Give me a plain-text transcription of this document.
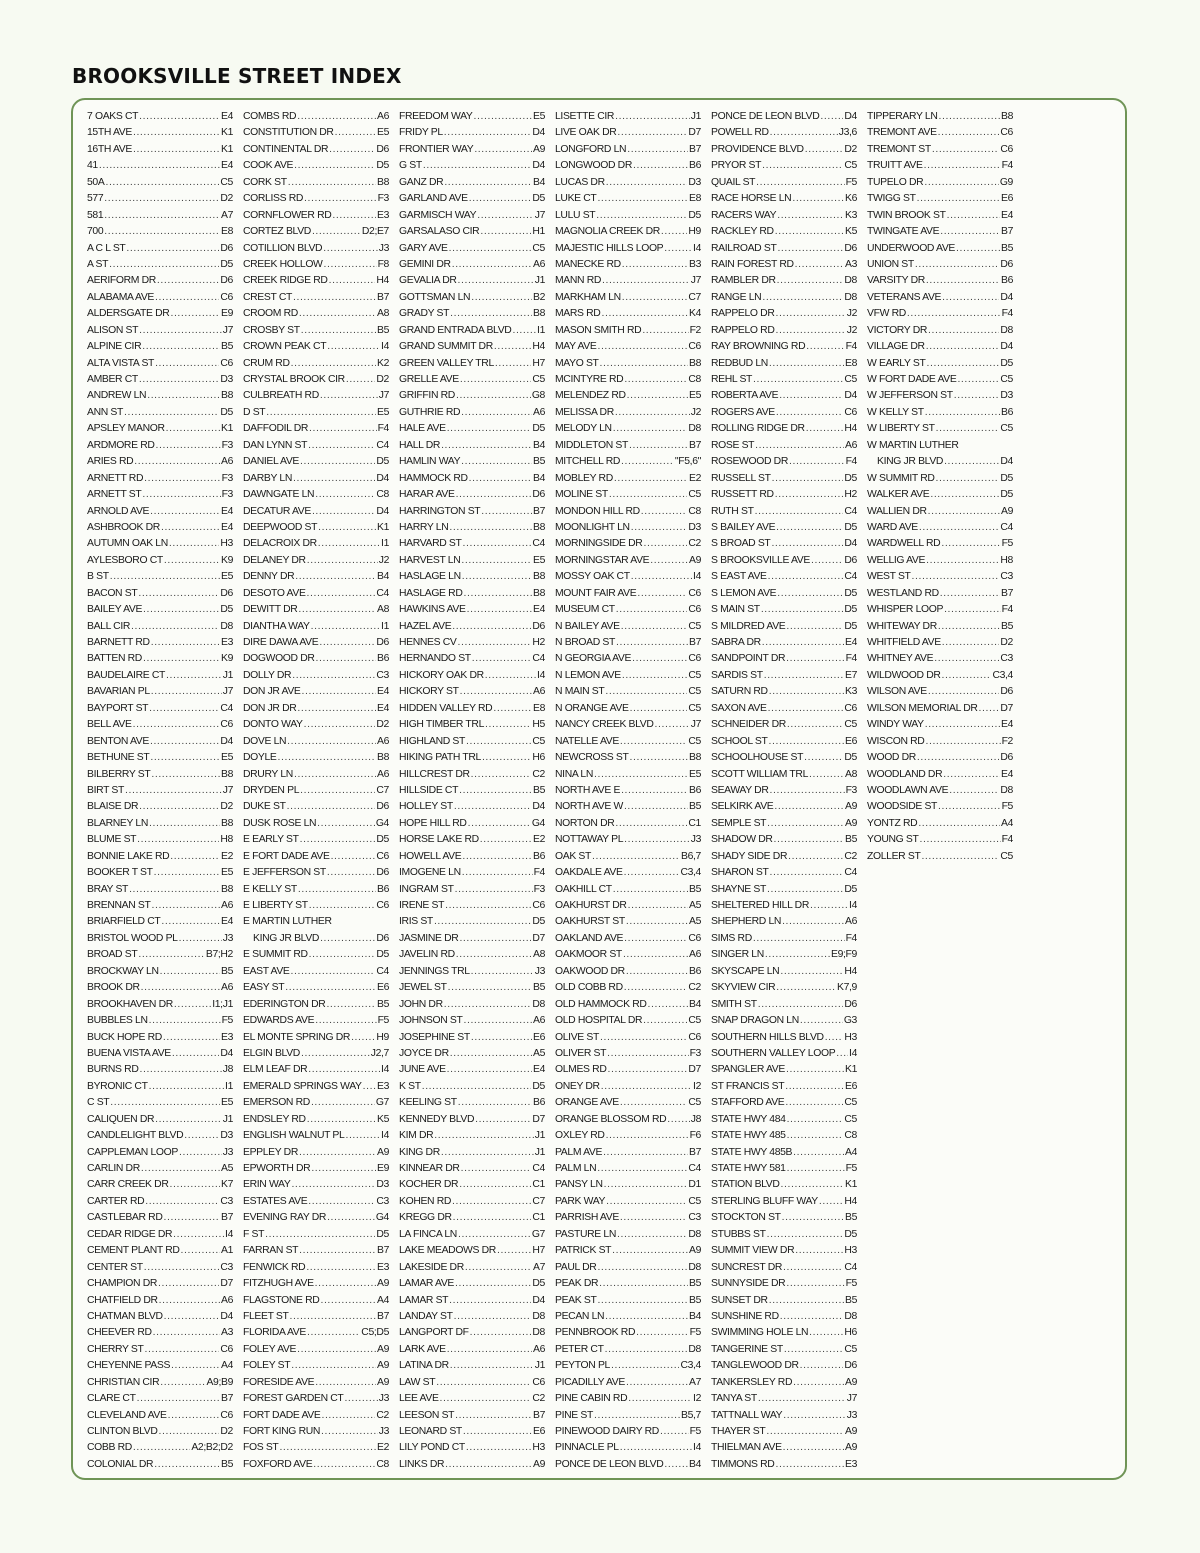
BROOKSVILLE STREET INDEX
7 OAKS CT .....	E4
15TH AVE .....	K1
16TH AVE .....	K1
41 .....	E4
50A .....	C5
577 .....	D2
581 .....	A7
700 .....	E8
A C L ST .....	D6
A ST .....	D5
AERIFORM DR .....	D6
ALABAMA AVE .....	C6
ALDERSGATE DR .....	E9
ALISON ST .....	J7
ALPINE CIR .....	B5
ALTA VISTA ST .....	C6
AMBER CT .....	D3
ANDREW LN .....	B8
ANN ST .....	D5
APSLEY MANOR .....	K1
ARDMORE RD .....	F3
ARIES RD .....	A6
ARNETT RD .....	F3
ARNETT ST .....	F3
ARNOLD AVE .....	E4
ASHBROOK DR .....	E4
AUTUMN OAK LN .....	H3
AYLESBORO CT .....	K9
B ST .....	E5
BACON ST .....	D6
BAILEY AVE .....	D5
BALL CIR .....	D8
BARNETT RD .....	E3
BATTEN RD .....	K9
BAUDELAIRE CT .....	J1
BAVARIAN PL .....	J7
BAYPORT ST .....	C4
BELL AVE .....	C6
BENTON AVE .....	D4
BETHUNE ST .....	E5
BILBERRY ST .....	B8
BIRT ST .....	J7
BLAISE DR .....	D2
BLARNEY LN .....	B8
BLUME ST .....	H8
BONNIE LAKE RD .....	E2
BOOKER T ST .....	E5
BRAY ST .....	B8
BRENNAN ST .....	A6
BRIARFIELD CT .....	E4
BRISTOL WOOD PL .....	J3
BROAD ST .....	B7;H2
BROCKWAY LN .....	B5
BROOK DR .....	A6
BROOKHAVEN DR .....	I1;J1
BUBBLES LN .....	F5
BUCK HOPE RD .....	E3
BUENA VISTA AVE .....	D4
BURNS RD .....	J8
BYRONIC CT .....	I1
C ST .....	E5
CALIQUEN DR .....	J1
CANDLELIGHT BLVD .....	D3
CAPPLEMAN LOOP .....	J3
CARLIN DR .....	A5
CARR CREEK DR .....	K7
CARTER RD .....	C3
CASTLEBAR RD .....	B7
CEDAR RIDGE DR .....	I4
CEMENT PLANT RD .....	A1
CENTER ST .....	C3
CHAMPION DR .....	D7
CHATFIELD DR .....	A6
CHATMAN BLVD .....	D4
CHEEVER RD .....	A3
CHERRY ST .....	C6
CHEYENNE PASS .....	A4
CHRISTIAN CIR .....	A9;B9
CLARE CT .....	B7
CLEVELAND AVE .....	C6
CLINTON BLVD .....	D2
COBB RD .....	A2;B2;D2
COLONIAL DR .....	B5
COMBS RD .....	A6
CONSTITUTION DR .....	E5
CONTINENTAL DR .....	D6
COOK AVE .....	D5
CORK ST .....	B8
CORLISS RD .....	F3
CORNFLOWER RD .....	E3
CORTEZ BLVD .....	D2;E7
COTILLION BLVD .....	J3
CREEK HOLLOW .....	F8
CREEK RIDGE RD .....	H4
CREST CT .....	B7
CROOM RD .....	A8
CROSBY ST .....	B5
CROWN PEAK CT .....	I4
CRUM RD .....	K2
CRYSTAL BROOK CIR .....	D2
CULBREATH RD .....	J7
D ST .....	E5
DAFFODIL DR .....	F4
DAN LYNN ST .....	C4
DANIEL AVE .....	D5
DARBY LN .....	D4
DAWNGATE LN .....	C8
DECATUR AVE .....	D4
DEEPWOOD ST .....	K1
DELACROIX DR .....	I1
DELANEY DR .....	J2
DENNY DR .....	B4
DESOTO AVE .....	C4
DEWITT DR .....	A8
DIANTHA WAY .....	I1
DIRE DAWA AVE .....	D6
DOGWOOD DR .....	B6
DOLLY DR .....	C3
DON JR AVE .....	E4
DON JR DR .....	E4
DONTO WAY .....	D2
DOVE LN .....	A6
DOYLE .....	B8
DRURY LN .....	A6
DRYDEN PL .....	C7
DUKE ST .....	D6
DUSK ROSE LN .....	G4
E EARLY ST .....	D5
E FORT DADE AVE .....	C6
E JEFFERSON ST .....	D6
E KELLY ST .....	B6
E LIBERTY ST .....	C6
E MARTIN LUTHER
KING JR BLVD .....	D6
E SUMMIT RD .....	D5
EAST AVE .....	C4
EASY ST .....	E6
EDERINGTON DR .....	B5
EDWARDS AVE .....	F5
EL MONTE SPRING DR .....	H9
ELGIN BLVD .....	J2,7
ELM LEAF DR .....	I4
EMERALD SPRINGS WAY ..... E3
EMERSON RD .....	G7
ENDSLEY RD .....	K5
ENGLISH WALNUT PL .....	I4
EPPLEY DR .....	A9
EPWORTH DR .....	E9
ERIN WAY .....	D3
ESTATES AVE .....	C3
EVENING RAY DR .....	G4
F ST .....	D5
FARRAN ST .....	B7
FENWICK RD .....	E3
FITZHUGH AVE .....	A9
FLAGSTONE RD .....	A4
FLEET ST .....	B7
FLORIDA AVE .....	C5;D5
FOLEY AVE .....	A9
FOLEY ST .....	A9
FORESIDE AVE .....	A9
FOREST GARDEN CT .....	J3
FORT DADE AVE .....	C2
FORT KING RUN .....	J3
FOS ST .....	E2
FOXFORD AVE .....	C8
FREEDOM WAY .....	E5
FRIDY PL .....	D4
FRONTIER WAY .....	A9
G ST .....	D4
GANZ DR .....	B4
GARLAND AVE .....	D5
GARMISCH WAY .....	J7
GARSALASO CIR .....	H1
GARY AVE .....	C5
GEMINI DR .....	A6
GEVALIA DR .....	J1
GOTTSMAN LN .....	B2
GRADY ST .....	B8
GRAND ENTRADA BLVD ..... I1
GRAND SUMMIT DR .....	H4
GREEN VALLEY TRL .....	H7
GRELLE AVE .....	C5
GRIFFIN RD .....	G8
GUTHRIE RD .....	A6
HALE AVE .....	D5
HALL DR .....	B4
HAMLIN WAY .....	B5
HAMMOCK RD .....	B4
HARAR AVE .....	D6
HARRINGTON ST .....	B7
HARRY LN .....	B8
HARVARD ST .....	C4
HARVEST LN .....	E5
HASLAGE LN .....	B8
HASLAGE RD .....	B8
HAWKINS AVE .....	E4
HAZEL AVE .....	D6
HENNES CV .....	H2
HERNANDO ST .....	C4
HICKORY OAK DR .....	I4
HICKORY ST .....	A6
HIDDEN VALLEY RD .....	E8
HIGH TIMBER TRL .....	H5
HIGHLAND ST .....	C5
HIKING PATH TRL .....	H6
HILLCREST DR .....	C2
HILLSIDE CT .....	B5
HOLLEY ST .....	D4
HOPE HILL RD .....	G4
HORSE LAKE RD .....	E2
HOWELL AVE .....	B6
IMOGENE LN .....	F4
INGRAM ST .....	F3
IRENE ST .....	C6
IRIS ST .....	D5
JASMINE DR .....	D7
JAVELIN RD .....	A8
JENNINGS TRL .....	J3
JEWEL ST .....	B5
JOHN DR .....	D8
JOHNSON ST .....	A6
JOSEPHINE ST .....	E6
JOYCE DR .....	A5
JUNE AVE .....	E4
K ST .....	D5
KEELING ST .....	B6
KENNEDY BLVD .....	D7
KIM DR .....	J1
KING DR .....	J1
KINNEAR DR .....	C4
KOCHER DR .....	C1
KOHEN RD .....	C7
KREGG DR .....	C1
LA FINCA LN .....	G7
LAKE MEADOWS DR .....	H7
LAKESIDE DR .....	A7
LAMAR AVE .....	D5
LAMAR ST .....	D4
LANDAY ST .....	D8
LANGPORT DF .....	D8
LARK AVE .....	A6
LATINA DR .....	J1
LAW ST .....	C6
LEE AVE .....	C2
LEESON ST .....	B7
LEONARD ST .....	E6
LILY POND CT .....	H3
LINKS DR .....	A9
LISETTE CIR .....	J1
LIVE OAK DR .....	D7
LONGFORD LN .....	B7
LONGWOOD DR .....	B6
LUCAS DR .....	D3
LUKE CT .....	E8
LULU ST .....	D5
MAGNOLIA CREEK DR .....	H9
MAJESTIC HILLS LOOP .....	I4
MANECKE RD .....	B3
MANN RD .....	J7
MARKHAM LN .....	C7
MARS RD .....	K4
MASON SMITH RD .....	F2
MAY AVE .....	C6
MAYO ST .....	B8
MCINTYRE RD .....	C8
MELENDEZ RD .....	E5
MELISSA DR .....	J2
MELODY LN .....	D8
MIDDLETON ST .....	B7
MITCHELL RD .....	"F5,6"
MOBLEY RD .....	E2
MOLINE ST .....	C5
MONDON HILL RD .....	C8
MOONLIGHT LN .....	D3
MORNINGSIDE DR .....	C2
MORNINGSTAR AVE .....	A9
MOSSY OAK CT .....	I4
MOUNT FAIR AVE .....	C6
MUSEUM CT .....	C6
N BAILEY AVE .....	C5
N BROAD ST .....	B7
N GEORGIA AVE .....	C6
N LEMON AVE .....	C5
N MAIN ST .....	C5
N ORANGE AVE .....	C5
NANCY CREEK BLVD .....	J7
NATELLE AVE .....	C5
NEWCROSS ST .....	B8
NINA LN .....	E5
NORTH AVE E .....	B6
NORTH AVE W .....	B5
NORTON DR .....	C1
NOTTAWAY PL .....	J3
OAK ST .....	B6,7
OAKDALE AVE .....	C3,4
OAKHILL CT .....	B5
OAKHURST DR .....	A5
OAKHURST ST .....	A5
OAKLAND AVE .....	C6
OAKMOOR ST .....	A6
OAKWOOD DR .....	B6
OLD COBB RD .....	C2
OLD HAMMOCK RD .....	B4
OLD HOSPITAL DR .....	C5
OLIVE ST .....	C6
OLIVER ST .....	F3
OLMES RD .....	D7
ONEY DR .....	I2
ORANGE AVE .....	C5
ORANGE BLOSSOM RD ..... J8
OXLEY RD .....	F6
PALM AVE .....	B7
PALM LN .....	C4
PANSY LN .....	D1
PARK WAY .....	C5
PARRISH AVE .....	C3
PASTURE LN .....	D8
PATRICK ST .....	A9
PAUL DR .....	D8
PEAK DR .....	B5
PEAK ST .....	B5
PECAN LN .....	B4
PENNBROOK RD .....	F5
PETER CT .....	D8
PEYTON PL .....	C3,4
PICADILLY AVE .....	A7
PINE CABIN RD .....	I2
PINE ST .....	B5,7
PINEWOOD DAIRY RD .....	F5
PINNACLE PL .....	I4
PONCE DE LEON BLVD ..... B4
PONCE DE LEON BLVD ..... D4
POWELL RD .....	J3,6
PROVIDENCE BLVD .....	D2
PRYOR ST .....	C5
QUAIL ST .....	F5
RACE HORSE LN .....	K6
RACERS WAY .....	K3
RACKLEY RD .....	K5
RAILROAD ST .....	D6
RAIN FOREST RD .....	A3
RAMBLER DR .....	D8
RANGE LN .....	D8
RAPPELO DR .....	J2
RAPPELO RD .....	J2
RAY BROWNING RD .....	F4
REDBUD LN .....	E8
REHL ST .....	C5
ROBERTA AVE .....	D4
ROGERS AVE .....	C6
ROLLING RIDGE DR .....	H4
ROSE ST .....	A6
ROSEWOOD DR .....	F4
RUSSELL ST .....	D5
RUSSETT RD .....	H2
RUTH ST .....	C4
S BAILEY AVE .....	D5
S BROAD ST .....	D4
S BROOKSVILLE AVE .....	D6
S EAST AVE .....	C4
S LEMON AVE .....	D5
S MAIN ST .....	D5
S MILDRED AVE .....	D5
SABRA DR .....	E4
SANDPOINT DR .....	F4
SARDIS ST .....	E7
SATURN RD .....	K3
SAXON AVE .....	C6
SCHNEIDER DR .....	C5
SCHOOL ST .....	E6
SCHOOLHOUSE ST .....	D5
SCOTT WILLIAM TRL .....	A8
SEAWAY DR .....	F3
SELKIRK AVE .....	A9
SEMPLE ST .....	A9
SHADOW DR .....	B5
SHADY SIDE DR .....	C2
SHARON ST .....	C4
SHAYNE ST .....	D5
SHELTERED HILL DR .....	I4
SHEPHERD LN .....	A6
SIMS RD .....	F4
SINGER LN .....	E9;F9
SKYSCAPE LN .....	H4
SKYVIEW CIR .....	K7,9
SMITH ST .....	D6
SNAP DRAGON LN .....	G3
SOUTHERN HILLS BLVD ..... H3
SOUTHERN VALLEY LOOP ..... I4
SPANGLER AVE .....	K1
ST FRANCIS ST .....	E6
STAFFORD AVE .....	C5
STATE HWY 484 .....	C5
STATE HWY 485 .....	C8
STATE HWY 485B .....	A4
STATE HWY 581 .....	F5
STATION BLVD .....	K1
STERLING BLUFF WAY .....	H4
STOCKTON ST .....	B5
STUBBS ST .....	D5
SUMMIT VIEW DR .....	H3
SUNCREST DR .....	C4
SUNNYSIDE DR .....	F5
SUNSET DR .....	B5
SUNSHINE RD .....	D8
SWIMMING HOLE LN .....	H6
TANGERINE ST .....	C5
TANGLEWOOD DR .....	D6
TANKERSLEY RD .....	A9
TANYA ST .....	J7
TATTNALL WAY .....	J3
THAYER ST .....	A9
THIELMAN AVE .....	A9
TIMMONS RD .....	E3
TIPPERARY LN .....	B8
TREMONT AVE .....	C6
TREMONT ST .....	C6
TRUITT AVE .....	F4
TUPELO DR .....	G9
TWIGG ST .....	E6
TWIN BROOK ST .....	E4
TWINGATE AVE .....	B7
UNDERWOOD AVE .....	B5
UNION ST .....	D6
VARSITY DR .....	B6
VETERANS AVE .....	D4
VFW RD .....	F4
VICTORY DR .....	D8
VILLAGE DR .....	D4
W EARLY ST .....	D5
W FORT DADE AVE .....	C5
W JEFFERSON ST .....	D3
W KELLY ST .....	B6
W LIBERTY ST .....	C5
W MARTIN LUTHER
KING JR BLVD .....	D4
W SUMMIT RD .....	D5
WALKER AVE .....	D5
WALLIEN DR .....	A9
WARD AVE .....	C4
WARDWELL RD .....	F5
WELLIG AVE .....	H8
WEST ST .....	C3
WESTLAND RD .....	B7
WHISPER LOOP .....	F4
WHITEWAY DR .....	B5
WHITFIELD AVE .....	D2
WHITNEY AVE .....	C3
WILDWOOD DR .....	C3,4
WILSON AVE .....	D6
WILSON MEMORIAL DR ..... D7
WINDY WAY .....	E4
WISCON RD .....	F2
WOOD DR .....	D6
WOODLAND DR .....	E4
WOODLAWN AVE .....	D8
WOODSIDE ST .....	F5
YONTZ RD .....	A4
YOUNG ST .....	F4
ZOLLER ST .....	C5
